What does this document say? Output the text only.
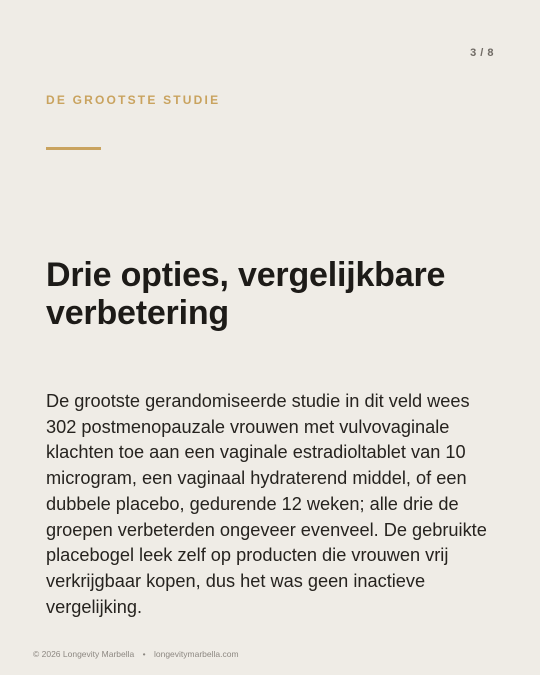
3 / 8
DE GROOTSTE STUDIE
Drie opties, vergelijkbare verbetering

De grootste gerandomiseerde studie in dit veld wees 302 postmenopauzale vrouwen met vulvovaginale klachten toe aan een vaginale estradioltablet van 10 microgram, een vaginaal hydraterend middel, of een dubbele placebo, gedurende 12 weken; alle drie de groepen verbeterden ongeveer evenveel. De gebruikte placebogel leek zelf op producten die vrouwen vrij verkrijgbaar kopen, dus het was geen inactieve vergelijking.

© 2026 Longevity Marbella • longevitymarbella.com
